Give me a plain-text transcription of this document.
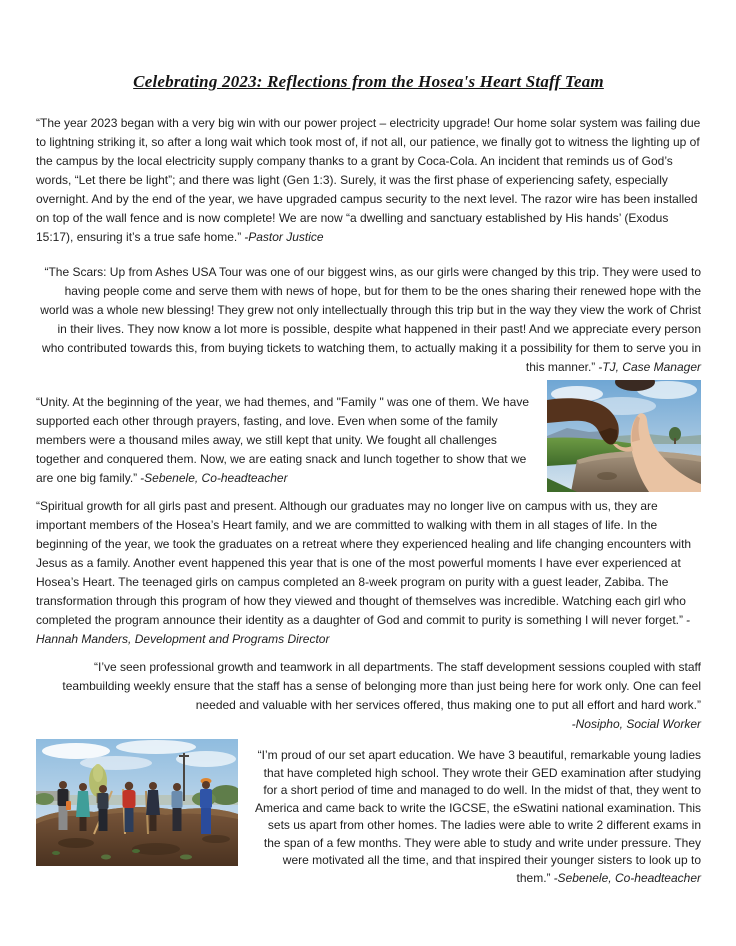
Celebrating 2023: Reflections from the Hosea's Heart Staff Team

“The year 2023 began with a very big win with our power project – electricity upgrade! Our home solar system was failing due to lightning striking it, so after a long wait which took most of, if not all, our patience, we finally got to witness the lighting up of the campus by the local electricity supply company thanks to a grant by Coca-Cola. An incident that reminds us of God’s words, “Let there be light”; and there was light (Gen 1:3). Surely, it was the first phase of experiencing safety, especially overnight. And by the end of the year, we have upgraded campus security to the next level. The razor wire has been installed on top of the wall fence and is now complete! We are now “a dwelling and sanctuary established by His hands’ (Exodus 15:17), ensuring it’s a true safe home.” -Pastor Justice

“The Scars: Up from Ashes USA Tour was one of our biggest wins, as our girls were changed by this trip. They were used to having people come and serve them with news of hope, but for them to be the ones sharing their renewed hope with the world was a whole new blessing! They grew not only intellectually through this trip but in the way they view the work of Christ in their lives. They now know a lot more is possible, despite what happened in their past! And we appreciate every person who contributed towards this, from buying tickets to watching them, to actually making it a possibility for them to serve you in this manner.” -TJ, Case Manager

“Unity. At the beginning of the year, we had themes, and "Family " was one of them. We have supported each other through prayers, fasting, and love. Even when some of the family members were a thousand miles away, we still kept that unity. We fought all challenges together and conquered them. Now, we are eating snack and lunch together to show that we are one big family.” -Sebenele, Co-headteacher

“Spiritual growth for all girls past and present. Although our graduates may no longer live on campus with us, they are important members of the Hosea’s Heart family, and we are committed to walking with them in all stages of life. In the beginning of the year, we took the graduates on a retreat where they experienced healing and life changing encounters with Jesus as a family. Another event happened this year that is one of the most powerful moments I have ever experienced at Hosea’s Heart. The teenaged girls on campus completed an 8-week program on purity with a guest leader, Zabiba. The transformation through this program of how they viewed and thought of themselves was incredible. Watching each girl who completed the program announce their identity as a daughter of God and commit to purity is something I will never forget.” -Hannah Manders, Development and Programs Director

“I’ve seen professional growth and teamwork in all departments. The staff development sessions coupled with staff teambuilding weekly ensure that the staff has a sense of belonging more than just being here for work only. One can feel needed and valuable with her services offered, thus making one to put all effort and hard work.”
-Nosipho, Social Worker

“I’m proud of our set apart education. We have 3 beautiful, remarkable young ladies that have completed high school. They wrote their GED examination after studying for a short period of time and managed to do well. In the midst of that, they went to America and came back to write the IGCSE, the eSwatini national examination. This sets us apart from other homes. The ladies were able to write 2 different exams in the span of a few months. They were able to study and write under pressure. They were motivated all the time, and that inspired their younger sisters to look up to them.” -Sebenele, Co-headteacher
